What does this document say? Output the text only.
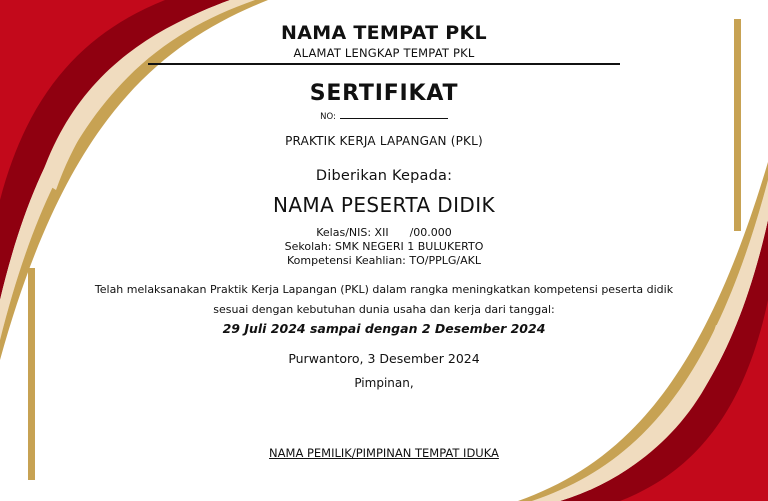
NAMA TEMPAT PKL
ALAMAT LENGKAP TEMPAT PKL
SERTIFIKAT
NO:
PRAKTIK KERJA LAPANGAN (PKL)
Diberikan Kepada:
NAMA PESERTA DIDIK
Kelas/NIS: XII      /00.000
Sekolah: SMK NEGERI 1 BULUKERTO
Kompetensi Keahlian: TO/PPLG/AKL
Telah melaksanakan Praktik Kerja Lapangan (PKL) dalam rangka meningkatkan kompetensi peserta didik
sesuai dengan kebutuhan dunia usaha dan kerja dari tanggal:
29 Juli 2024 sampai dengan 2 Desember 2024
Purwantoro, 3 Desember 2024
Pimpinan,
NAMA PEMILIK/PIMPINAN TEMPAT IDUKA
